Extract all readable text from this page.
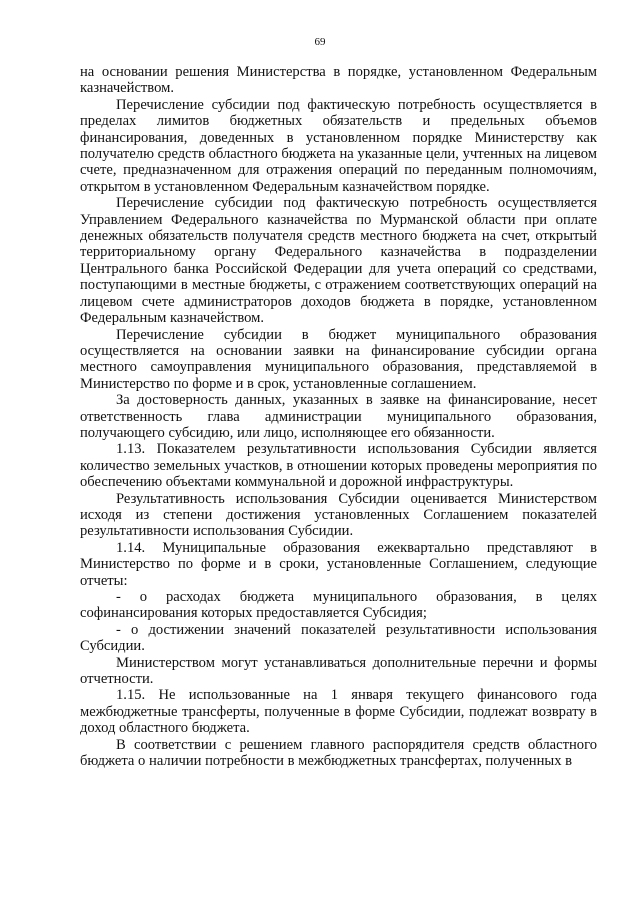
69

на основании решения Министерства в порядке, установленном Федеральным казначейством.

Перечисление субсидии под фактическую потребность осуществляется в пределах лимитов бюджетных обязательств и предельных объемов финансирования, доведенных в установленном порядке Министерству как получателю средств областного бюджета на указанные цели, учтенных на лицевом счете, предназначенном для отражения операций по переданным полномочиям, открытом в установленном Федеральным казначейством порядке.

Перечисление субсидии под фактическую потребность осуществляется Управлением Федерального казначейства по Мурманской области при оплате денежных обязательств получателя средств местного бюджета на счет, открытый территориальному органу Федерального казначейства в подразделении Центрального банка Российской Федерации для учета операций со средствами, поступающими в местные бюджеты, с отражением соответствующих операций на лицевом счете администраторов доходов бюджета в порядке, установленном Федеральным казначейством.

Перечисление субсидии в бюджет муниципального образования осуществляется на основании заявки на финансирование субсидии органа местного самоуправления муниципального образования, представляемой в Министерство по форме и в срок, установленные соглашением.

За достоверность данных, указанных в заявке на финансирование, несет ответственность глава администрации муниципального образования, получающего субсидию, или лицо, исполняющее его обязанности.

1.13. Показателем результативности использования Субсидии является количество земельных участков, в отношении которых проведены мероприятия по обеспечению объектами коммунальной и дорожной инфраструктуры.

Результативность использования Субсидии оценивается Министерством исходя из степени достижения установленных Соглашением показателей результативности использования Субсидии.

1.14. Муниципальные образования ежеквартально представляют в Министерство по форме и в сроки, установленные Соглашением, следующие отчеты:

- о расходах бюджета муниципального образования, в целях софинансирования которых предоставляется Субсидия;

- о достижении значений показателей результативности использования Субсидии.

Министерством могут устанавливаться дополнительные перечни и формы отчетности.

1.15. Не использованные на 1 января текущего финансового года межбюджетные трансферты, полученные в форме Субсидии, подлежат возврату в доход областного бюджета.

В соответствии с решением главного распорядителя средств областного бюджета о наличии потребности в межбюджетных трансфертах, полученных в
